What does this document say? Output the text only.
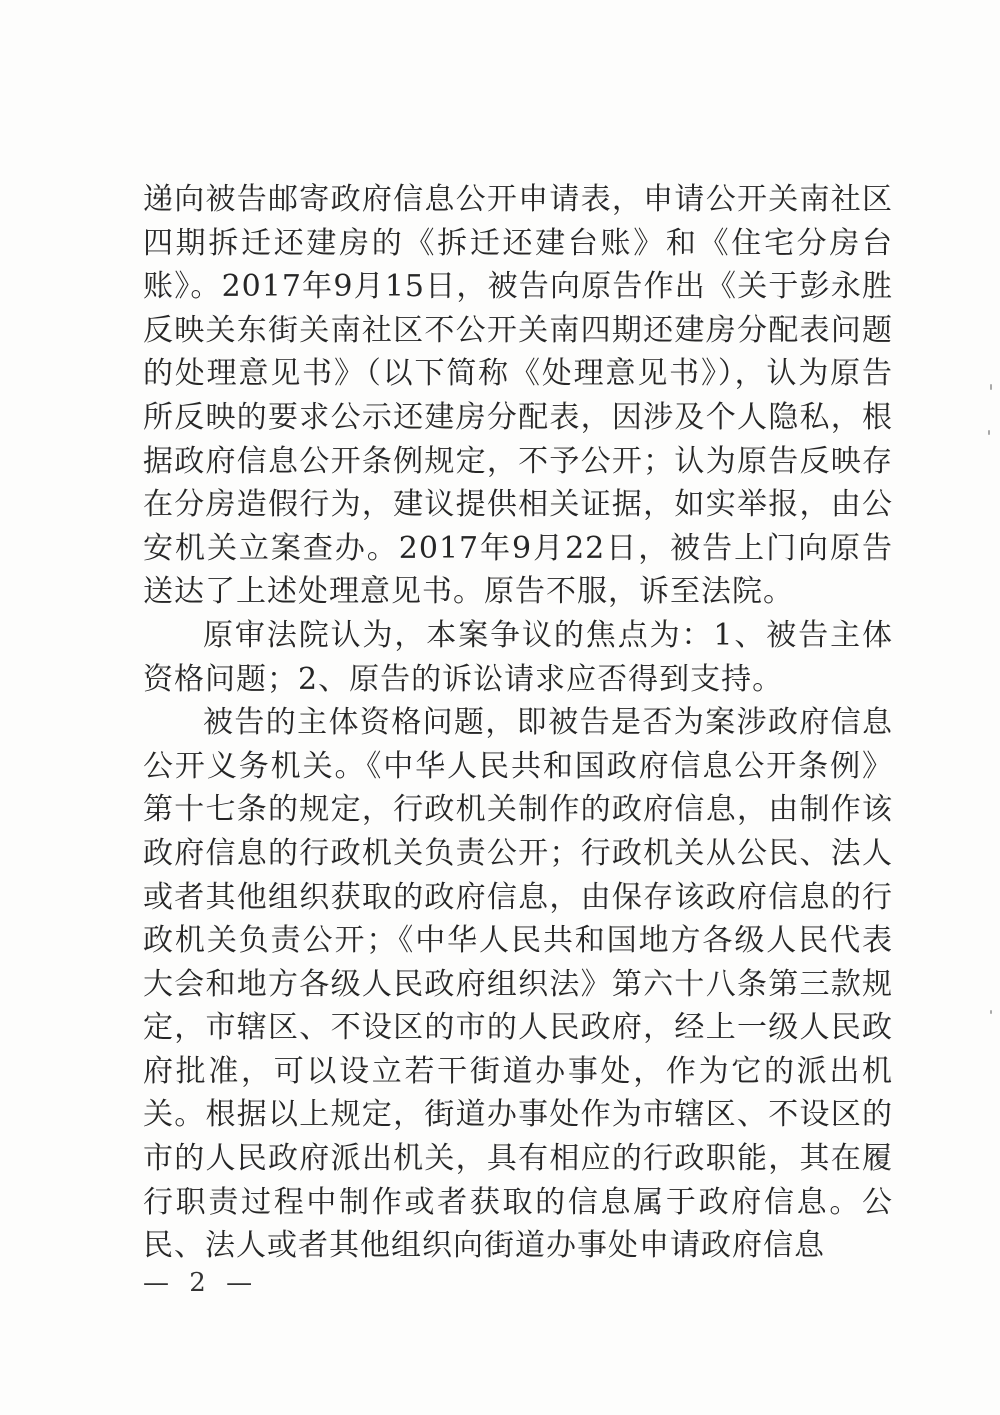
递向被告邮寄政府信息公开申请表，申请公开关南社区四期拆迁还建房的《拆迁还建台账》和《住宅分房台账》。2017年9月15日，被告向原告作出《关于彭永胜反映关东街关南社区不公开关南四期还建房分配表问题的处理意见书》（以下简称《处理意见书》），认为原告所反映的要求公示还建房分配表，因涉及个人隐私，根据政府信息公开条例规定，不予公开；认为原告反映存在分房造假行为，建议提供相关证据，如实举报，由公安机关立案查办。2017年9月22日，被告上门向原告送达了上述处理意见书。原告不服，诉至法院。

原审法院认为，本案争议的焦点为：1、被告主体资格问题；2、原告的诉讼请求应否得到支持。

被告的主体资格问题，即被告是否为案涉政府信息公开义务机关。《中华人民共和国政府信息公开条例》第十七条的规定，行政机关制作的政府信息，由制作该政府信息的行政机关负责公开；行政机关从公民、法人或者其他组织获取的政府信息，由保存该政府信息的行政机关负责公开；《中华人民共和国地方各级人民代表大会和地方各级人民政府组织法》第六十八条第三款规定，市辖区、不设区的市的人民政府，经上一级人民政府批准，可以设立若干街道办事处，作为它的派出机关。根据以上规定，街道办事处作为市辖区、不设区的市的人民政府派出机关，具有相应的行政职能，其在履行职责过程中制作或者获取的信息属于政府信息。公民、法人或者其他组织向街道办事处申请政府信息

— 2 —
